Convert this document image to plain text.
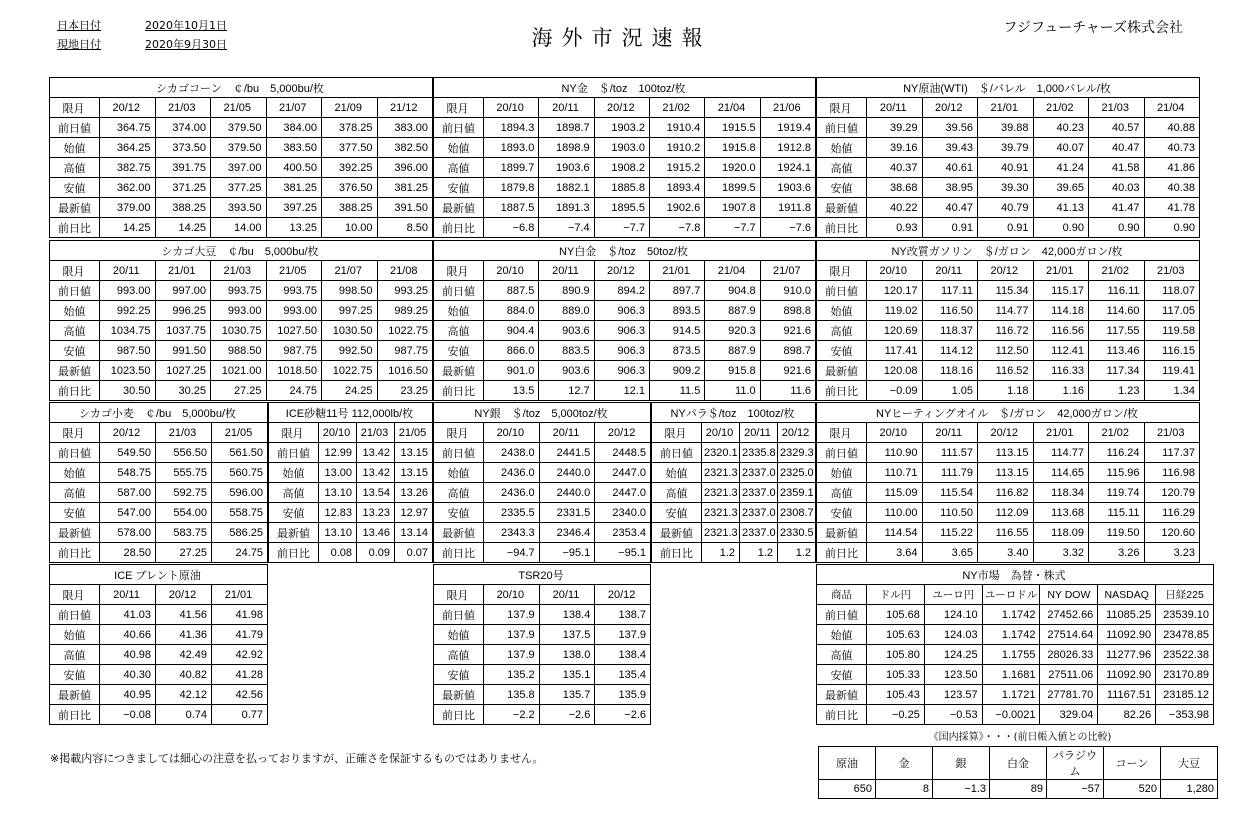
日本日付	2020年10月1日
現地日付	2020年9月30日	海外市況速報	フジフューチャーズ株式会社
シカゴコーン　￠/bu　5,000bu/枚						
限月	20/12	21/03	21/05	21/07	21/09	21/12
前日値	364.75	374.00	379.50	384.00	378.25	383.00
始値	364.25	373.50	379.50	383.50	377.50	382.50
高値	382.75	391.75	397.00	400.50	392.25	396.00
安値	362.00	371.25	377.25	381.25	376.50	381.25
最新値	379.00	388.25	393.50	397.25	388.25	391.50
前日比	14.25	14.25	14.00	13.25	10.00	8.50
NY金　＄/toz　100toz/枚						
限月	20/10	20/11	20/12	21/02	21/04	21/06
前日値	1894.3	1898.7	1903.2	1910.4	1915.5	1919.4
始値	1893.0	1898.9	1903.0	1910.2	1915.8	1912.8
高値	1899.7	1903.6	1908.2	1915.2	1920.0	1924.1
安値	1879.8	1882.1	1885.8	1893.4	1899.5	1903.6
最新値	1887.5	1891.3	1895.5	1902.6	1907.8	1911.8
前日比	−6.8	−7.4	−7.7	−7.8	−7.7	−7.6
NY原油(WTI)　＄/バレル　1,000バレル/枚						
限月	20/11	20/12	21/01	21/02	21/03	21/04
前日値	39.29	39.56	39.88	40.23	40.57	40.88
始値	39.16	39.43	39.79	40.07	40.47	40.73
高値	40.37	40.61	40.91	41.24	41.58	41.86
安値	38.68	38.95	39.30	39.65	40.03	40.38
最新値	40.22	40.47	40.79	41.13	41.47	41.78
前日比	0.93	0.91	0.91	0.90	0.90	0.90
シカゴ大豆　￠/bu　5,000bu/枚						
限月	20/11	21/01	21/03	21/05	21/07	21/08
前日値	993.00	997.00	993.75	993.75	998.50	993.25
始値	992.25	996.25	993.00	993.00	997.25	989.25
高値	1034.75	1037.75	1030.75	1027.50	1030.50	1022.75
安値	987.50	991.50	988.50	987.75	992.50	987.75
最新値	1023.50	1027.25	1021.00	1018.50	1022.75	1016.50
前日比	30.50	30.25	27.25	24.75	24.25	23.25
NY白金　＄/toz　50toz/枚						
限月	20/10	20/11	20/12	21/01	21/04	21/07
前日値	887.5	890.9	894.2	897.7	904.8	910.0
始値	884.0	889.0	906.3	893.5	887.9	898.8
高値	904.4	903.6	906.3	914.5	920.3	921.6
安値	866.0	883.5	906.3	873.5	887.9	898.7
最新値	901.0	903.6	906.3	909.2	915.8	921.6
前日比	13.5	12.7	12.1	11.5	11.0	11.6
NY改質ガソリン　＄/ガロン　42,000ガロン/枚						
限月	20/10	20/11	20/12	21/01	21/02	21/03
前日値	120.17	117.11	115.34	115.17	116.11	118.07
始値	119.02	116.50	114.77	114.18	114.60	117.05
高値	120.69	118.37	116.72	116.56	117.55	119.58
安値	117.41	114.12	112.50	112.41	113.46	116.15
最新値	120.08	118.16	116.52	116.33	117.34	119.41
前日比	−0.09	1.05	1.18	1.16	1.23	1.34
シカゴ小麦　￠/bu　5,000bu/枚			
限月	20/12	21/03	21/05
前日値	549.50	556.50	561.50
始値	548.75	555.75	560.75
高値	587.00	592.75	596.00
安値	547.00	554.00	558.75
最新値	578.00	583.75	586.25
前日比	28.50	27.25	24.75
ICE砂糖11号 112,000lb/枚			
限月	20/10	21/03	21/05
前日値	12.99	13.42	13.15
始値	13.00	13.42	13.15
高値	13.10	13.54	13.26
安値	12.83	13.23	12.97
最新値	13.10	13.46	13.14
前日比	0.08	0.09	0.07
NY銀　＄/toz　5,000toz/枚			
限月	20/10	20/11	20/12
前日値	2438.0	2441.5	2448.5
始値	2436.0	2440.0	2447.0
高値	2436.0	2440.0	2447.0
安値	2335.5	2331.5	2340.0
最新値	2343.3	2346.4	2353.4
前日比	−94.7	−95.1	−95.1
NYパラ＄/toz　100toz/枚			
限月	20/10	20/11	20/12
前日値	2320.1	2335.8	2329.3
始値	2321.3	2337.0	2325.0
高値	2321.3	2337.0	2359.1
安値	2321.3	2337.0	2308.7
最新値	2321.3	2337.0	2330.5
前日比	1.2	1.2	1.2
NYヒーティングオイル　＄/ガロン　42,000ガロン/枚						
限月	20/10	20/11	20/12	21/01	21/02	21/03
前日値	110.90	111.57	113.15	114.77	116.24	117.37
始値	110.71	111.79	113.15	114.65	115.96	116.98
高値	115.09	115.54	116.82	118.34	119.74	120.79
安値	110.00	110.50	112.09	113.68	115.11	116.29
最新値	114.54	115.22	116.55	118.09	119.50	120.60
前日比	3.64	3.65	3.40	3.32	3.26	3.23
ICE ブレント原油			
限月	20/11	20/12	21/01
前日値	41.03	41.56	41.98
始値	40.66	41.36	41.79
高値	40.98	42.49	42.92
安値	40.30	40.82	41.28
最新値	40.95	42.12	42.56
前日比	−0.08	0.74	0.77
TSR20号			
限月	20/10	20/11	20/12
前日値	137.9	138.4	138.7
始値	137.9	137.5	137.9
高値	137.9	138.0	138.4
安値	135.2	135.1	135.4
最新値	135.8	135.7	135.9
前日比	−2.2	−2.6	−2.6
NY市場　為替・株式						
商品	ドル円	ユーロ円	ユーロドル	NY DOW	NASDAQ	日経225
前日値	105.68	124.10	1.1742	27452.66	11085.25	23539.10
始値	105.63	124.03	1.1742	27514.64	11092.90	23478.85
高値	105.80	124.25	1.1755	28026.33	11277.96	23522.38
安値	105.33	123.50	1.1681	27511.06	11092.90	23170.89
最新値	105.43	123.57	1.1721	27781.70	11167.51	23185.12
前日比	−0.25	−0.53	−0.0021	329.04	82.26	−353.98
《国内採算》・・・(前日帳入値との比較)
原油	金	銀	白金	パラジウム	コーン	大豆
650	8	−1.3	89	−57	520	1,280
※掲載内容につきましては細心の注意を払っておりますが、正確さを保証するものではありません。
